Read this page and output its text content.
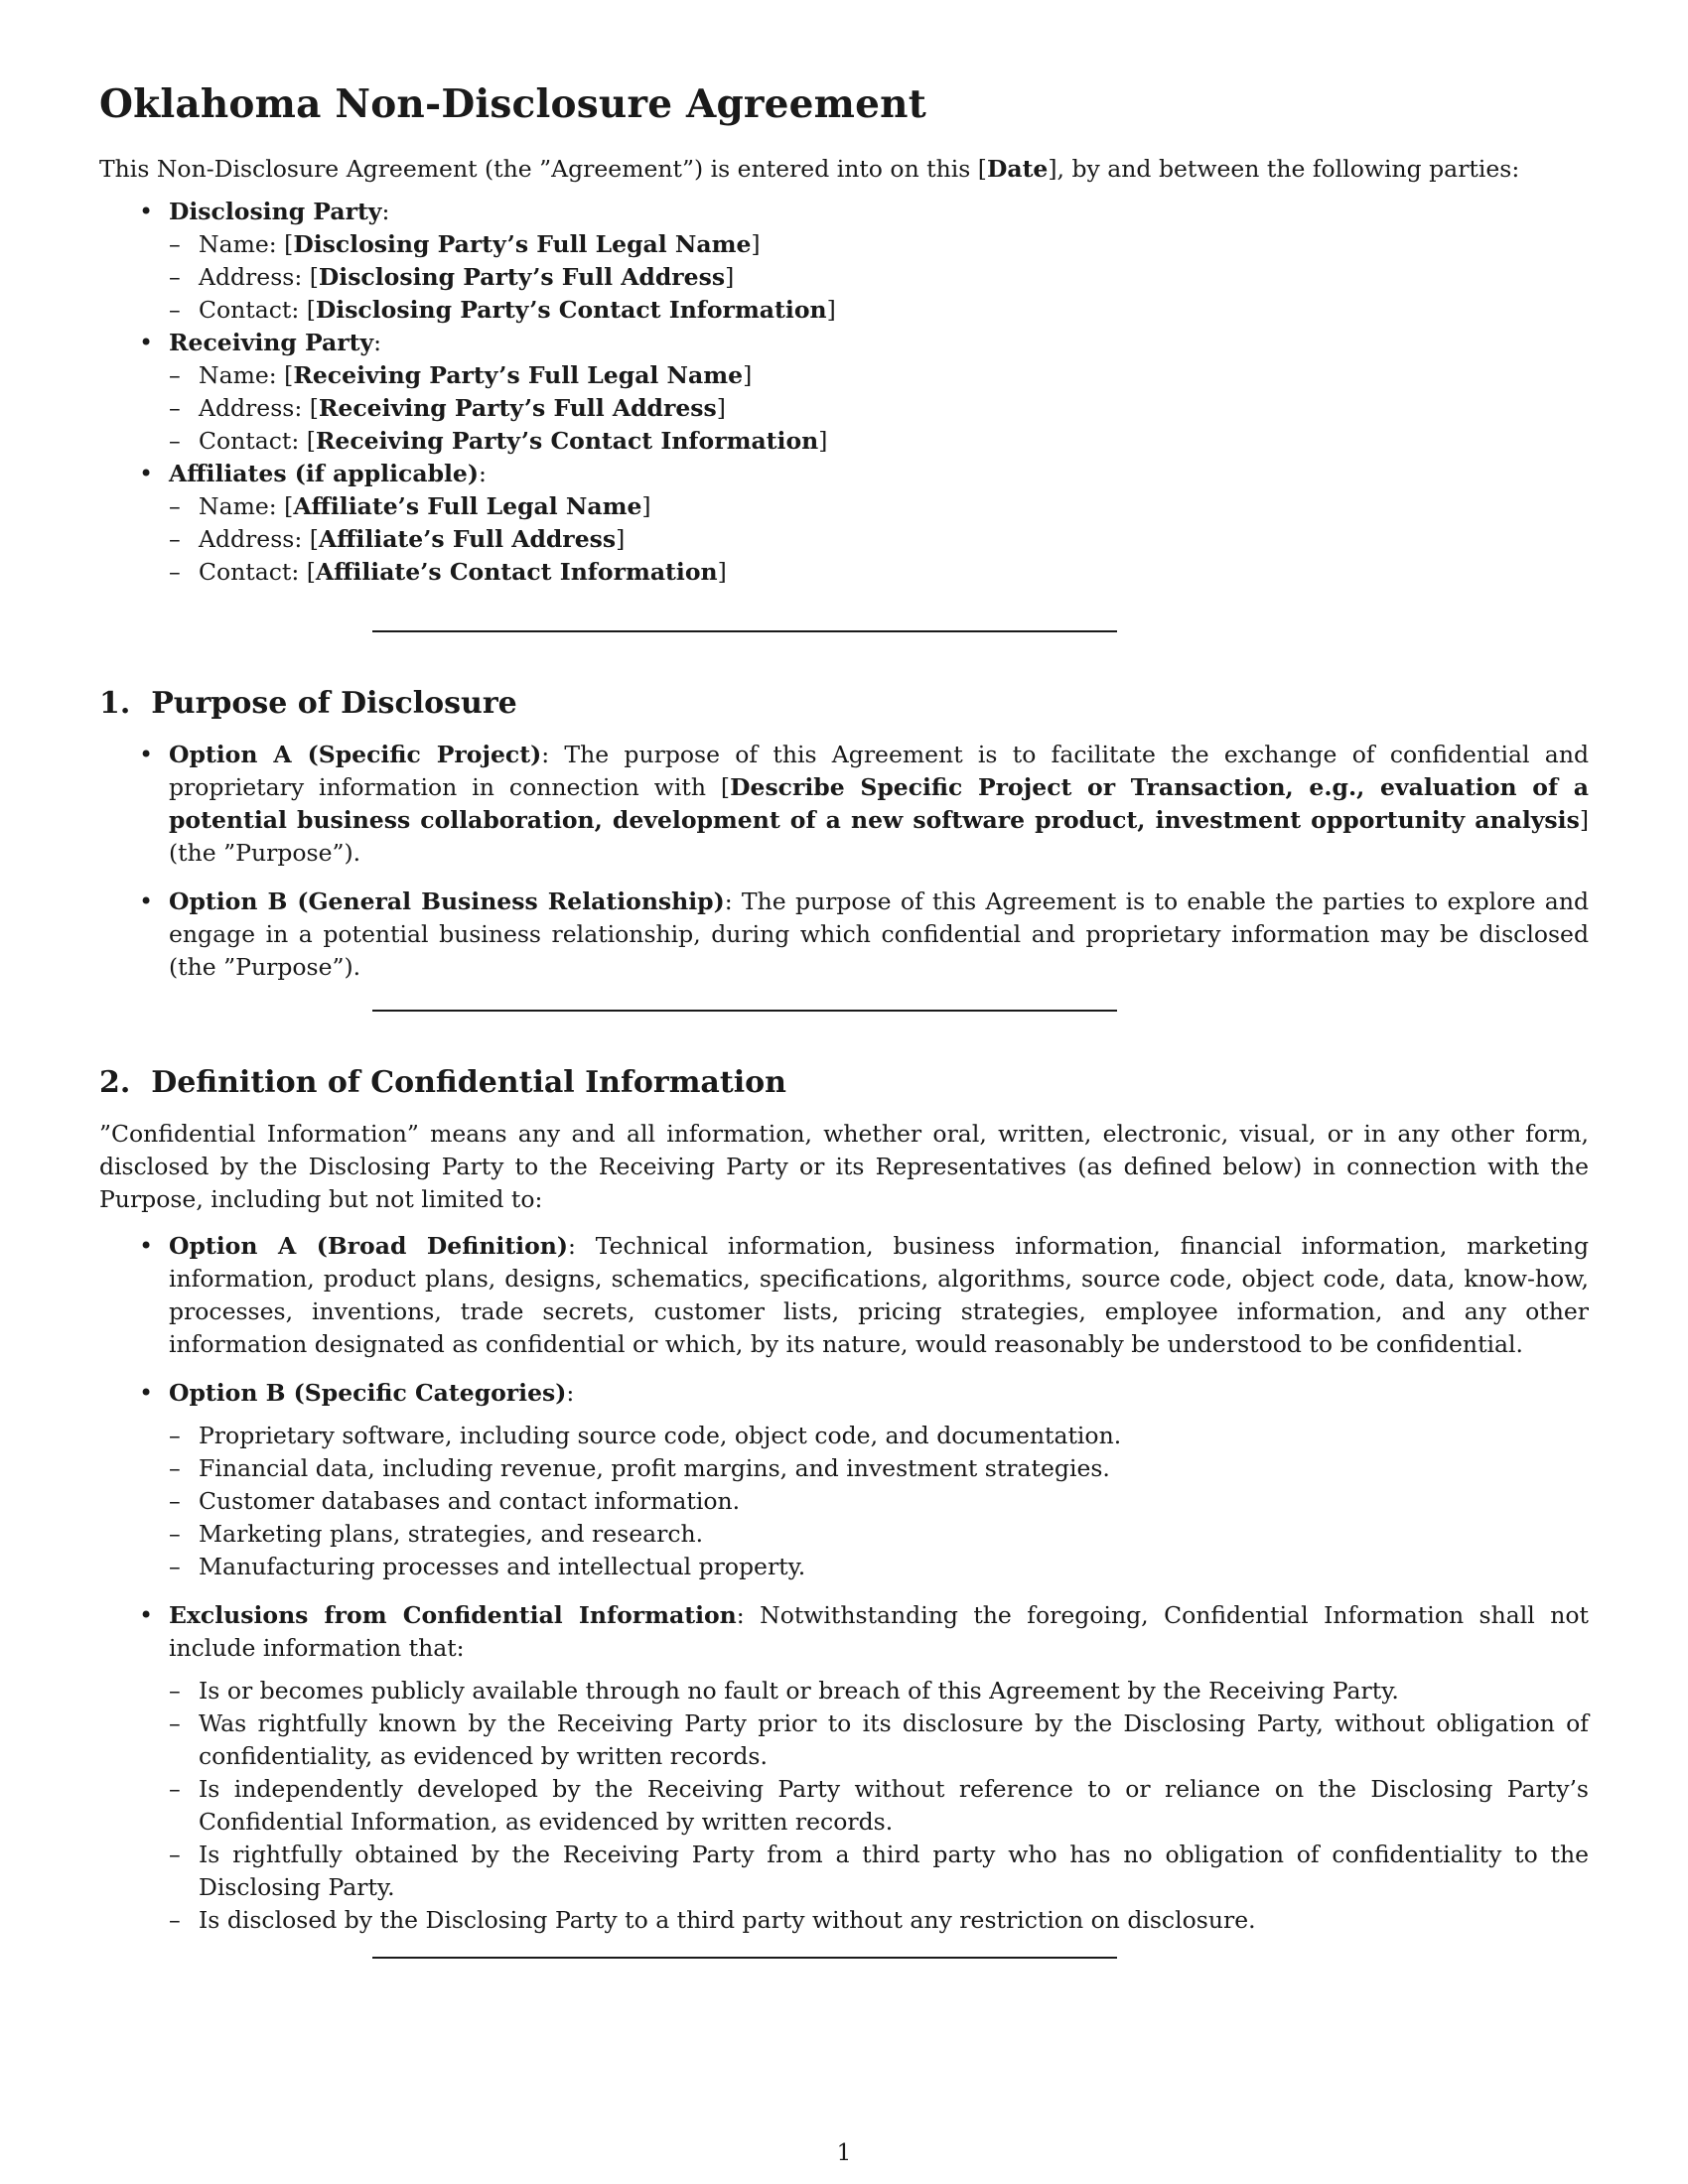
Oklahoma Non-Disclosure Agreement

This Non-Disclosure Agreement (the ”Agreement”) is entered into on this [Date], by and between the following parties:

• Disclosing Party:
– Name: [Disclosing Party’s Full Legal Name]
– Address: [Disclosing Party’s Full Address]
– Contact: [Disclosing Party’s Contact Information]
• Receiving Party:
– Name: [Receiving Party’s Full Legal Name]
– Address: [Receiving Party’s Full Address]
– Contact: [Receiving Party’s Contact Information]
• Affiliates (if applicable):
– Name: [Affiliate’s Full Legal Name]
– Address: [Affiliate’s Full Address]
– Contact: [Affiliate’s Contact Information]
1.  Purpose of Disclosure
• Option A (Specific Project): The purpose of this Agreement is to facilitate the exchange of confidential and proprietary information in connection with [Describe Specific Project or Transaction, e.g., evaluation of a potential business collaboration, development of a new software product, investment opportunity analysis] (the ”Purpose”).
• Option B (General Business Relationship): The purpose of this Agreement is to enable the parties to explore and engage in a potential business relationship, during which confidential and proprietary information may be disclosed (the ”Purpose”).
2.  Definition of Confidential Information

”Confidential Information” means any and all information, whether oral, written, electronic, visual, or in any other form, disclosed by the Disclosing Party to the Receiving Party or its Representatives (as defined below) in connection with the Purpose, including but not limited to:

• Option A (Broad Definition): Technical information, business information, financial information, marketing information, product plans, designs, schematics, specifications, algorithms, source code, object code, data, know-how, processes, inventions, trade secrets, customer lists, pricing strategies, employee information, and any other information designated as confidential or which, by its nature, would reasonably be understood to be confidential.
• Option B (Specific Categories):
– Proprietary software, including source code, object code, and documentation.
– Financial data, including revenue, profit margins, and investment strategies.
– Customer databases and contact information.
– Marketing plans, strategies, and research.
– Manufacturing processes and intellectual property.
• Exclusions from Confidential Information: Notwithstanding the foregoing, Confidential Information shall not include information that:
– Is or becomes publicly available through no fault or breach of this Agreement by the Receiving Party.
– Was rightfully known by the Receiving Party prior to its disclosure by the Disclosing Party, without obligation of confidentiality, as evidenced by written records.
– Is independently developed by the Receiving Party without reference to or reliance on the Disclosing Party’s Confidential Information, as evidenced by written records.
– Is rightfully obtained by the Receiving Party from a third party who has no obligation of confidentiality to the Disclosing Party.
– Is disclosed by the Disclosing Party to a third party without any restriction on disclosure.
1
